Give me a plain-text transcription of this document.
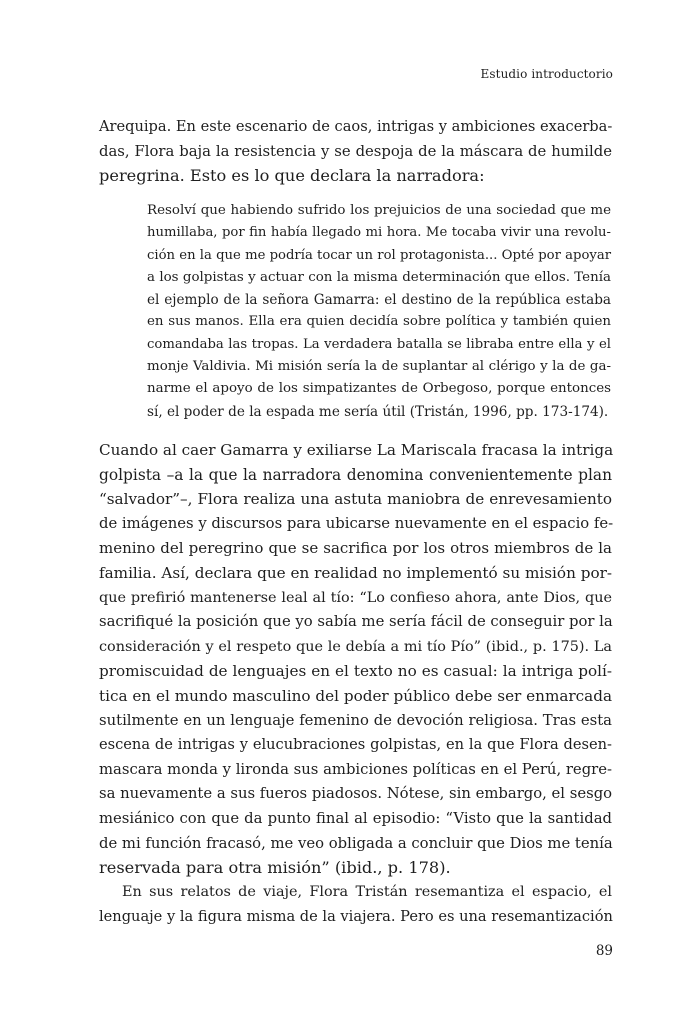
Estudio introductorio

Arequipa. En este escenario de caos, intrigas y ambiciones exacerba-
das, Flora baja la resistencia y se despoja de la máscara de humilde
peregrina. Esto es lo que declara la narradora:

Resolví que habiendo sufrido los prejuicios de una sociedad que me
humillaba, por fin había llegado mi hora. Me tocaba vivir una revolu-
ción en la que me podría tocar un rol protagonista... Opté por apoyar
a los golpistas y actuar con la misma determinación que ellos. Tenía
el ejemplo de la señora Gamarra: el destino de la república estaba
en sus manos. Ella era quien decidía sobre política y también quien
comandaba las tropas. La verdadera batalla se libraba entre ella y el
monje Valdivia. Mi misión sería la de suplantar al clérigo y la de ga-
narme el apoyo de los simpatizantes de Orbegoso, porque entonces
sí, el poder de la espada me sería útil (Tristán, 1996, pp. 173-174).

Cuando al caer Gamarra y exiliarse La Mariscala fracasa la intriga
golpista –a la que la narradora denomina convenientemente plan
“salvador”–, Flora realiza una astuta maniobra de enrevesamiento
de imágenes y discursos para ubicarse nuevamente en el espacio fe-
menino del peregrino que se sacrifica por los otros miembros de la
familia. Así, declara que en realidad no implementó su misión por-
que prefirió mantenerse leal al tío: “Lo confieso ahora, ante Dios, que
sacrifiqué la posición que yo sabía me sería fácil de conseguir por la
consideración y el respeto que le debía a mi tío Pío” (ibid., p. 175). La
promiscuidad de lenguajes en el texto no es casual: la intriga polí-
tica en el mundo masculino del poder público debe ser enmarcada
sutilmente en un lenguaje femenino de devoción religiosa. Tras esta
escena de intrigas y elucubraciones golpistas, en la que Flora desen-
mascara monda y lironda sus ambiciones políticas en el Perú, regre-
sa nuevamente a sus fueros piadosos. Nótese, sin embargo, el sesgo
mesiánico con que da punto final al episodio: “Visto que la santidad
de mi función fracasó, me veo obligada a concluir que Dios me tenía
reservada para otra misión” (ibid., p. 178).

En sus relatos de viaje, Flora Tristán resemantiza el espacio, el
lenguaje y la figura misma de la viajera. Pero es una resemantización

89
